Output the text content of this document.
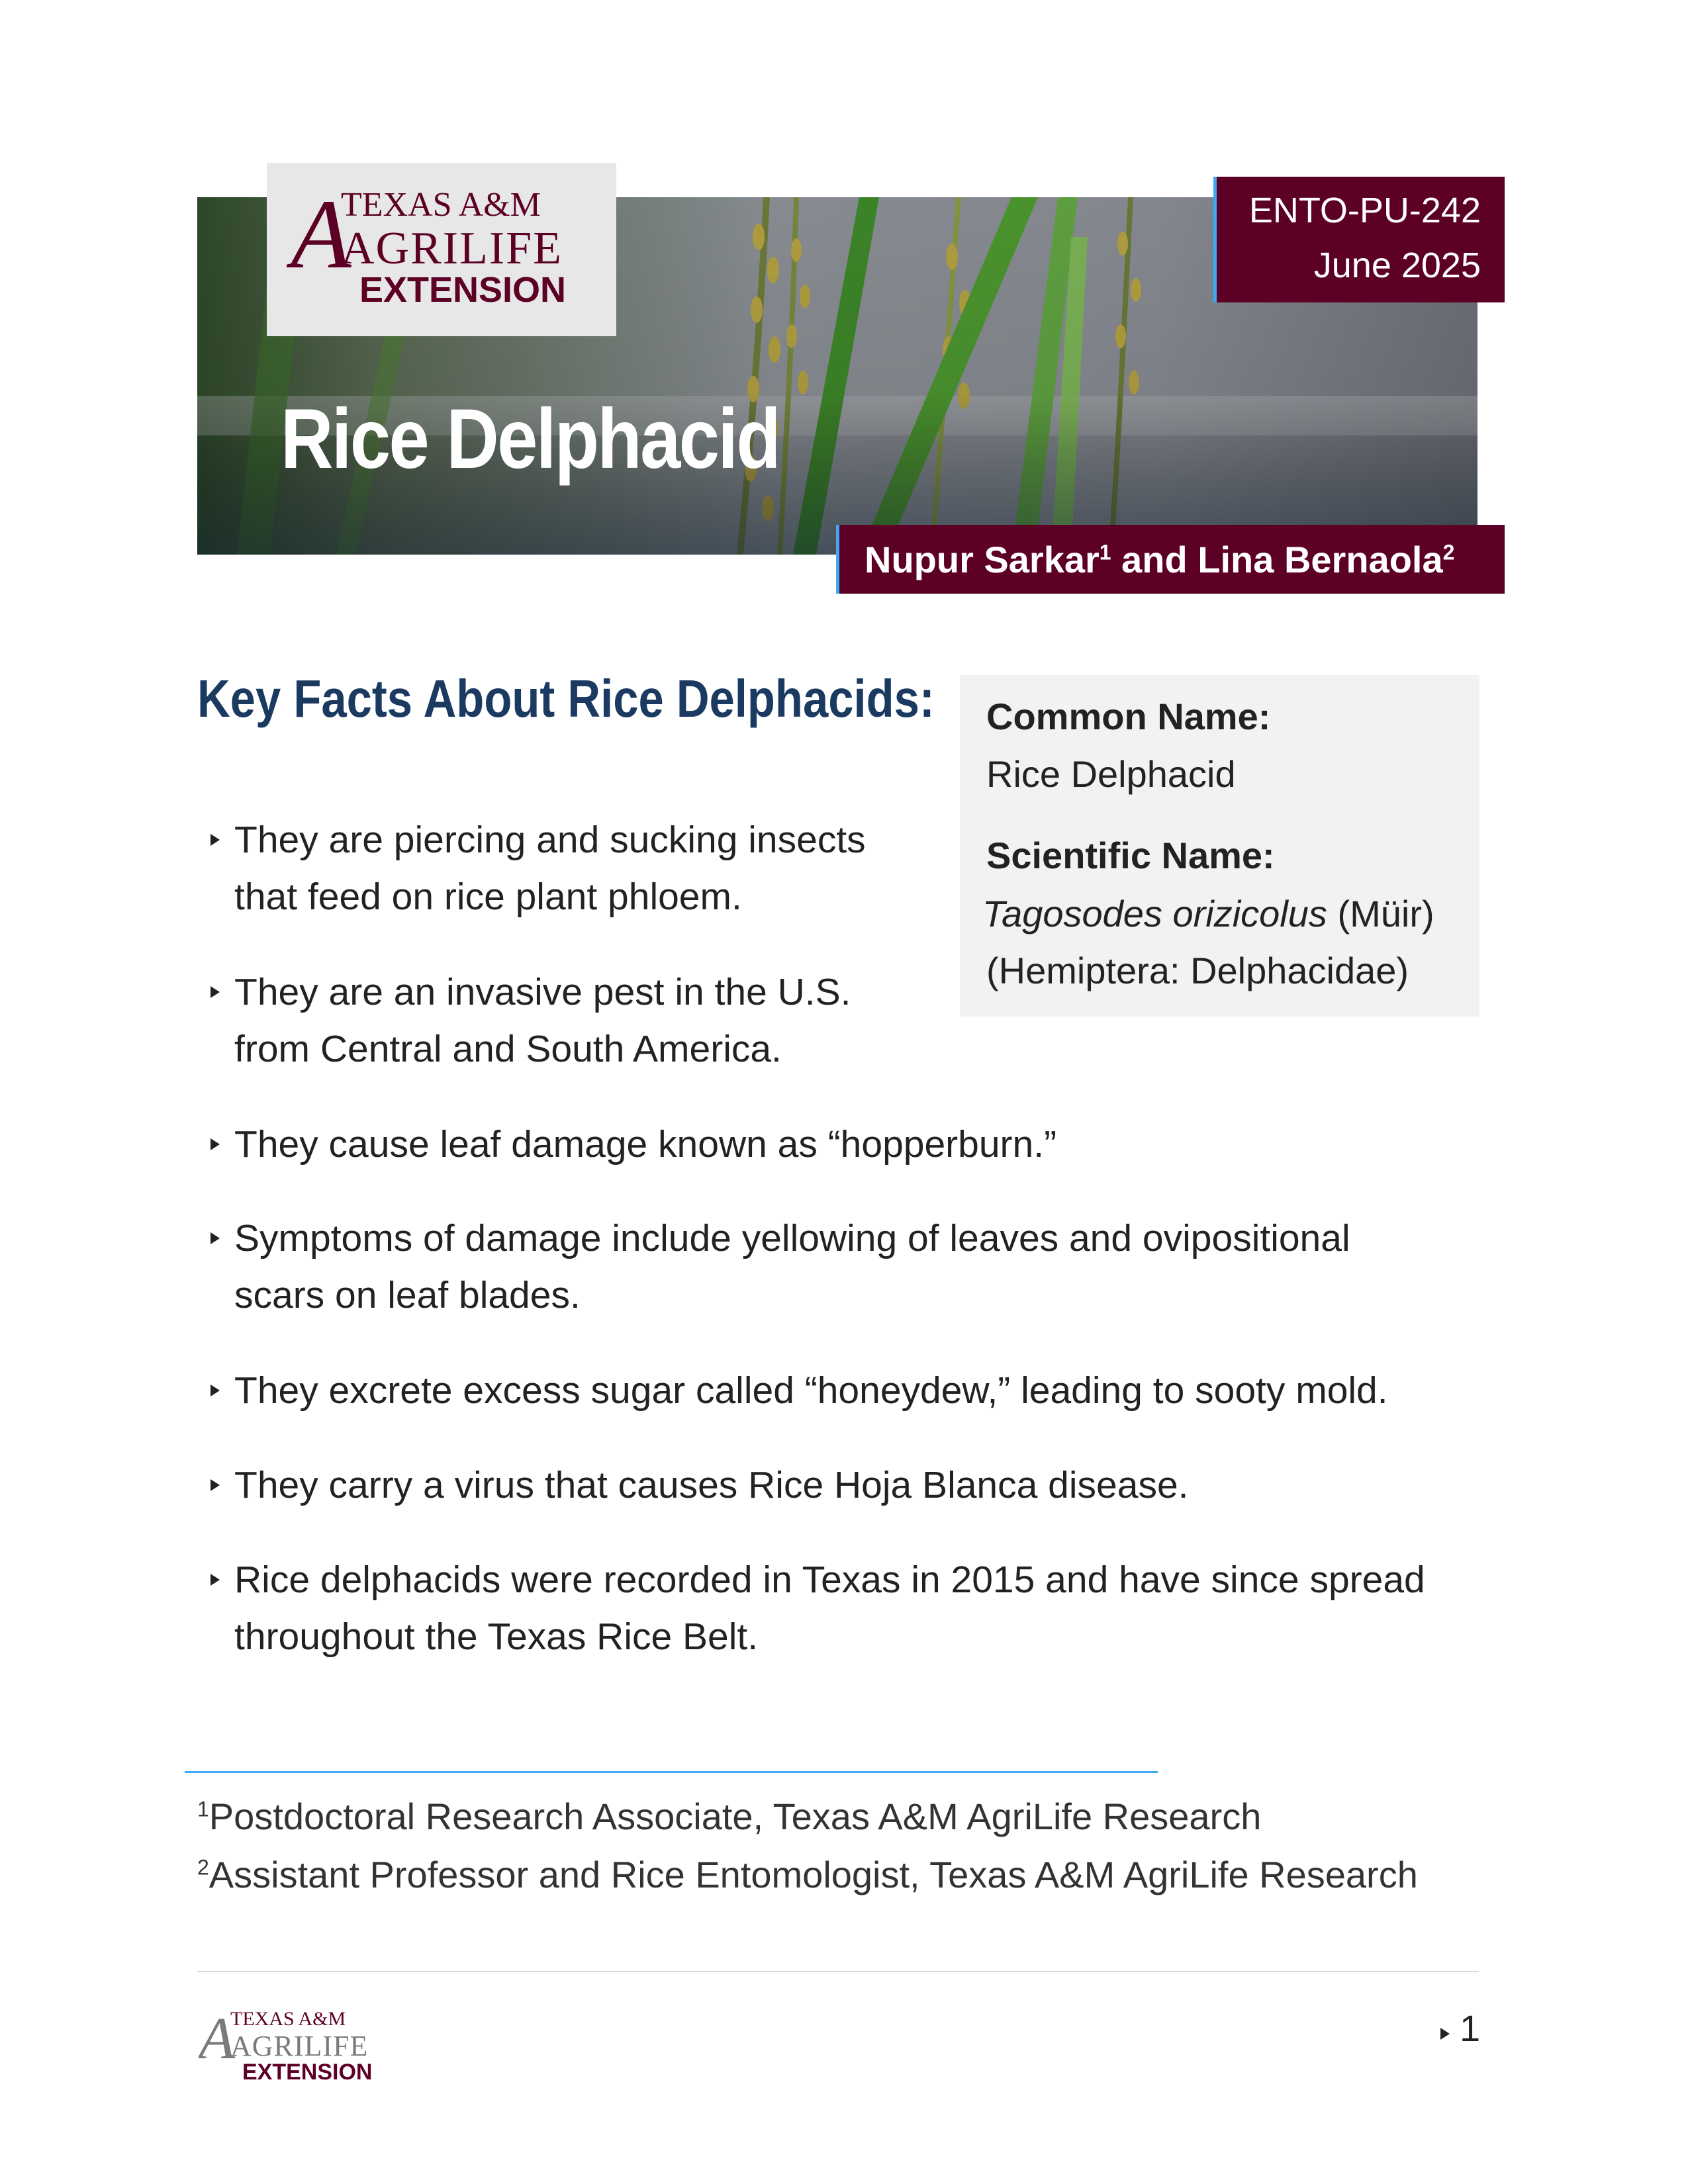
Rice Delphacid
A
TEXAS A&M
AGRILIFE
EXTENSION
ENTO-PU-242
June 2025
Nupur Sarkar$^1$ and Lina Bernaola$^2$
Key Facts About Rice Delphacids: Common Name:
Rice Delphacid
Scientific Name:
Tagosodes orizicolus (Müir)
(Hemiptera: Delphacidae)
They are piercing and sucking insects
that feed on rice plant phloem.
They are an invasive pest in the U.S.
from Central and South America.
They cause leaf damage known as “hopperburn.”
Symptoms of damage include yellowing of leaves and ovipositional
scars on leaf blades.
They excrete excess sugar called “honeydew,” leading to sooty mold.
They carry a virus that causes Rice Hoja Blanca disease.
Rice delphacids were recorded in Texas in 2015 and have since spread
throughout the Texas Rice Belt.
$^1$Postdoctoral Research Associate, Texas A&M AgriLife Research
$^2$Assistant Professor and Rice Entomologist, Texas A&M AgriLife Research
A
TEXAS A&M
AGRILIFE
EXTENSION
1
